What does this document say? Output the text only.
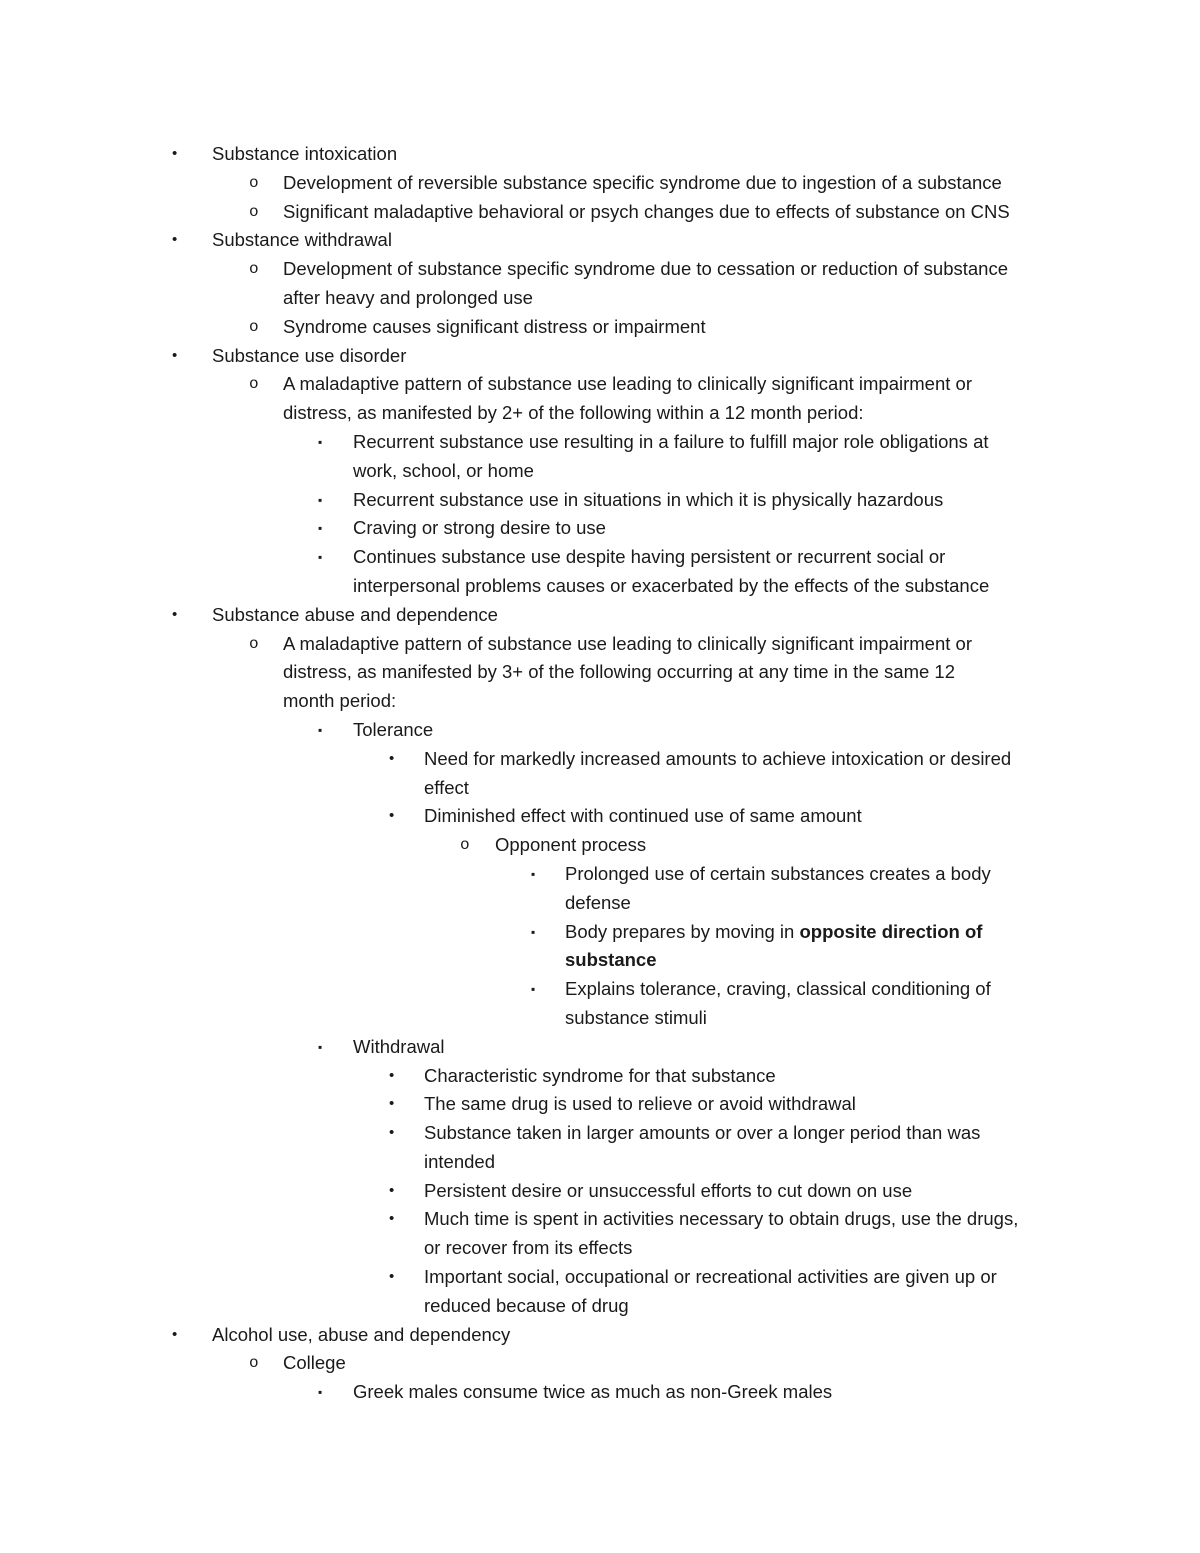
• Substance intoxication
o Development of reversible substance specific syndrome due to ingestion of a substance
o Significant maladaptive behavioral or psych changes due to effects of substance on CNS
• Substance withdrawal
o Development of substance specific syndrome due to cessation or reduction of substance
after heavy and prolonged use
o Syndrome causes significant distress or impairment
• Substance use disorder
o A maladaptive pattern of substance use leading to clinically significant impairment or
distress, as manifested by 2+ of the following within a 12 month period:
▪ Recurrent substance use resulting in a failure to fulfill major role obligations at
work, school, or home
▪ Recurrent substance use in situations in which it is physically hazardous
▪ Craving or strong desire to use
▪ Continues substance use despite having persistent or recurrent social or
interpersonal problems causes or exacerbated by the effects of the substance
• Substance abuse and dependence
o A maladaptive pattern of substance use leading to clinically significant impairment or
distress, as manifested by 3+ of the following occurring at any time in the same 12
month period:
▪ Tolerance
• Need for markedly increased amounts to achieve intoxication or desired
effect
• Diminished effect with continued use of same amount
o Opponent process
▪ Prolonged use of certain substances creates a body
defense
▪ Body prepares by moving in opposite direction of
substance
▪ Explains tolerance, craving, classical conditioning of
substance stimuli
▪ Withdrawal
• Characteristic syndrome for that substance
• The same drug is used to relieve or avoid withdrawal
• Substance taken in larger amounts or over a longer period than was
intended
• Persistent desire or unsuccessful efforts to cut down on use
• Much time is spent in activities necessary to obtain drugs, use the drugs,
or recover from its effects
• Important social, occupational or recreational activities are given up or
reduced because of drug
• Alcohol use, abuse and dependency
o College
▪ Greek males consume twice as much as non-Greek males
